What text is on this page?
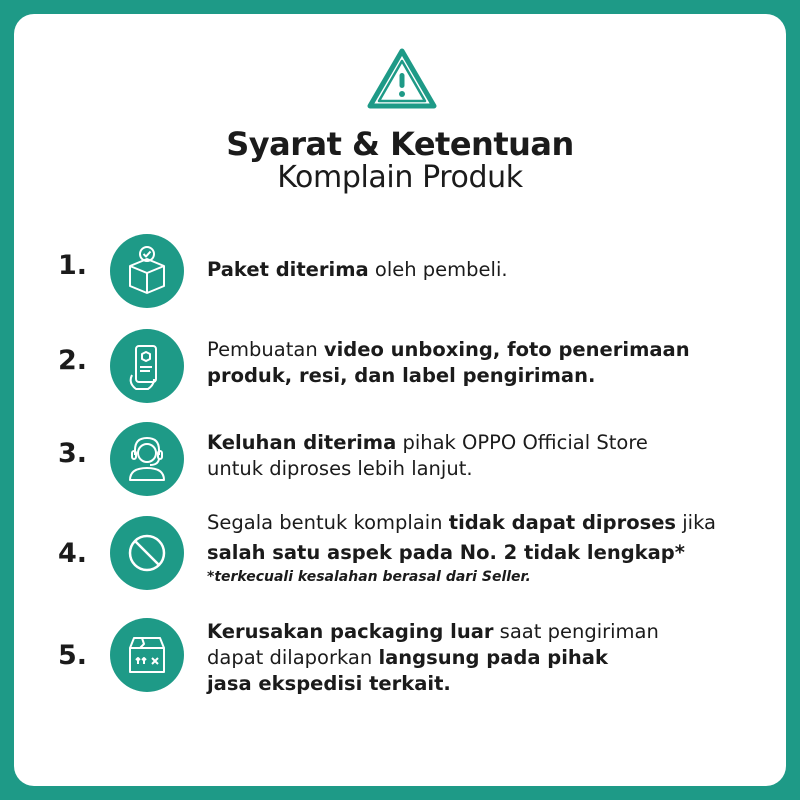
Syarat & Ketentuan
Komplain Produk
1.	Paket diterima oleh pembeli.
2.	Pembuatan video unboxing, foto penerimaan
produk, resi, dan label pengiriman.
3.	Keluhan diterima pihak OPPO Official Store
untuk diproses lebih lanjut.
4.
Segala bentuk komplain tidak dapat diproses jika
salah satu aspek pada No. 2 tidak lengkap*
*terkecuali kesalahan berasal dari Seller.
5.
Kerusakan packaging luar saat pengiriman
dapat dilaporkan langsung pada pihak
jasa ekspedisi terkait.
